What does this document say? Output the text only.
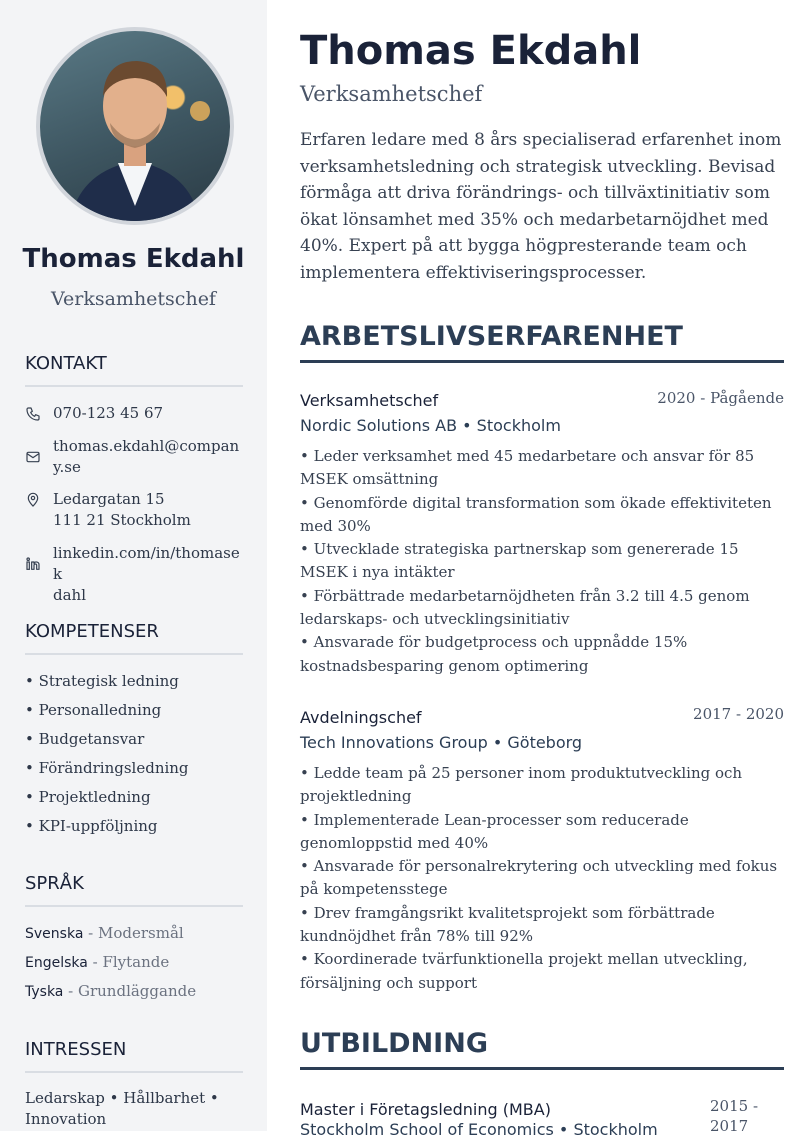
Thomas Ekdahl
Verksamhetschef
KONTAKT
070-123 45 67
thomas.ekdahl@compan
y.se
Ledargatan 15
111 21 Stockholm
linkedin.com/in/thomasek
dahl
KOMPETENSER
• Strategisk ledning
• Personalledning
• Budgetansvar
• Förändringsledning
• Projektledning
• KPI-uppföljning
SPRÅK
Svenska - Modersmål
Engelska - Flytande
Tyska - Grundläggande
INTRESSEN
Ledarskap • Hållbarhet • Innovation
Thomas Ekdahl
Verksamhetschef
Erfaren ledare med 8 års specialiserad erfarenhet inom verksamhetsledning och strategisk utveckling. Bevisad förmåga att driva förändrings- och tillväxtinitiativ som ökat lönsamhet med 35% och medarbetarnöjdhet med 40%. Expert på att bygga högpresterande team och implementera effektiviseringsprocesser.
ARBETSLIVSERFARENHET
Verksamhetschef	2020 - Pågående
Nordic Solutions AB • Stockholm
• Leder verksamhet med 45 medarbetare och ansvar för 85 MSEK omsättning
• Genomförde digital transformation som ökade effektiviteten med 30%
• Utvecklade strategiska partnerskap som genererade 15 MSEK i nya intäkter
• Förbättrade medarbetarnöjdheten från 3.2 till 4.5 genom ledarskaps- och utvecklingsinitiativ
• Ansvarade för budgetprocess och uppnådde 15% kostnadsbesparing genom optimering
Avdelningschef	2017 - 2020
Tech Innovations Group • Göteborg
• Ledde team på 25 personer inom produktutveckling och projektledning
• Implementerade Lean-processer som reducerade genomloppstid med 40%
• Ansvarade för personalrekrytering och utveckling med fokus på kompetensstege
• Drev framgångsrikt kvalitetsprojekt som förbättrade kundnöjdhet från 78% till 92%
• Koordinerade tvärfunktionella projekt mellan utveckling, försäljning och support
UTBILDNING
Master i Företagsledning (MBA)	2015 -
2017
Stockholm School of Economics • Stockholm
